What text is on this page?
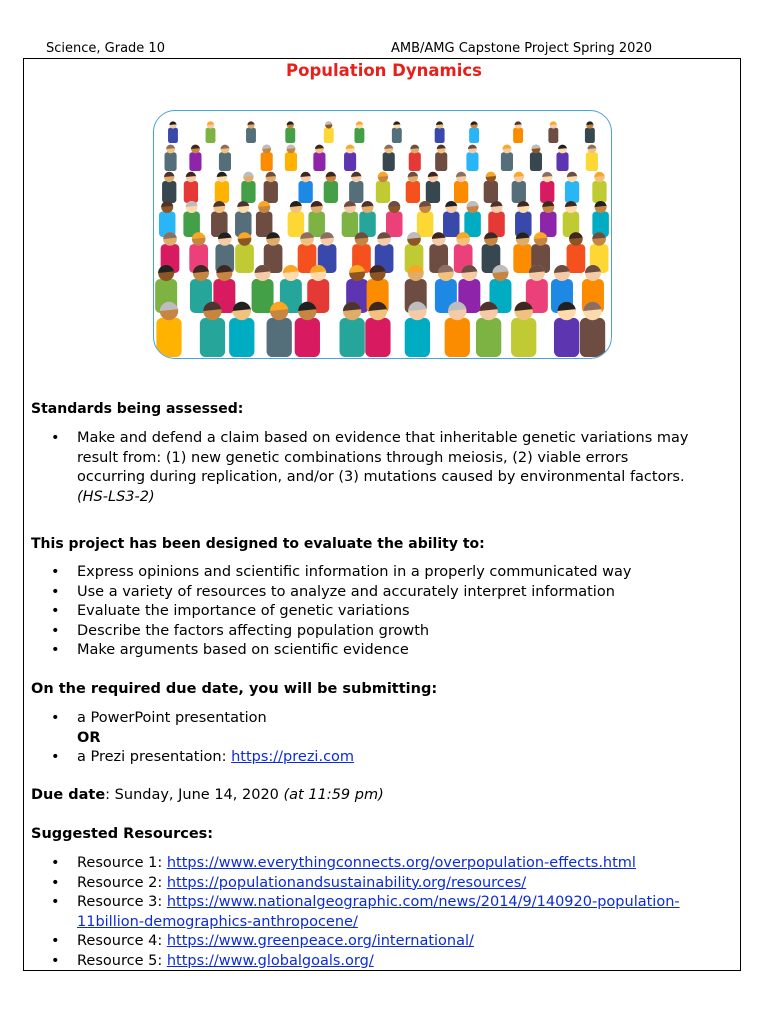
Science, Grade 10	AMB/AMG Capstone Project Spring 2020
Population Dynamics
Standards being assessed:
• Make and defend a claim based on evidence that inheritable genetic variations may
result from: (1) new genetic combinations through meiosis, (2) viable errors
occurring during replication, and/or (3) mutations caused by environmental factors.
(HS-LS3-2)
This project has been designed to evaluate the ability to:
• Express opinions and scientific information in a properly communicated way
• Use a variety of resources to analyze and accurately interpret information
• Evaluate the importance of genetic variations
• Describe the factors affecting population growth
• Make arguments based on scientific evidence
On the required due date, you will be submitting:
• a PowerPoint presentation
OR
• a Prezi presentation: https://prezi.com
Due date: Sunday, June 14, 2020 (at 11:59 pm)
Suggested Resources:
• Resource 1: https://www.everythingconnects.org/overpopulation-effects.html
• Resource 2: https://populationandsustainability.org/resources/
• Resource 3: https://www.nationalgeographic.com/news/2014/9/140920-population-
11billion-demographics-anthropocene/
• Resource 4: https://www.greenpeace.org/international/
• Resource 5: https://www.globalgoals.org/
